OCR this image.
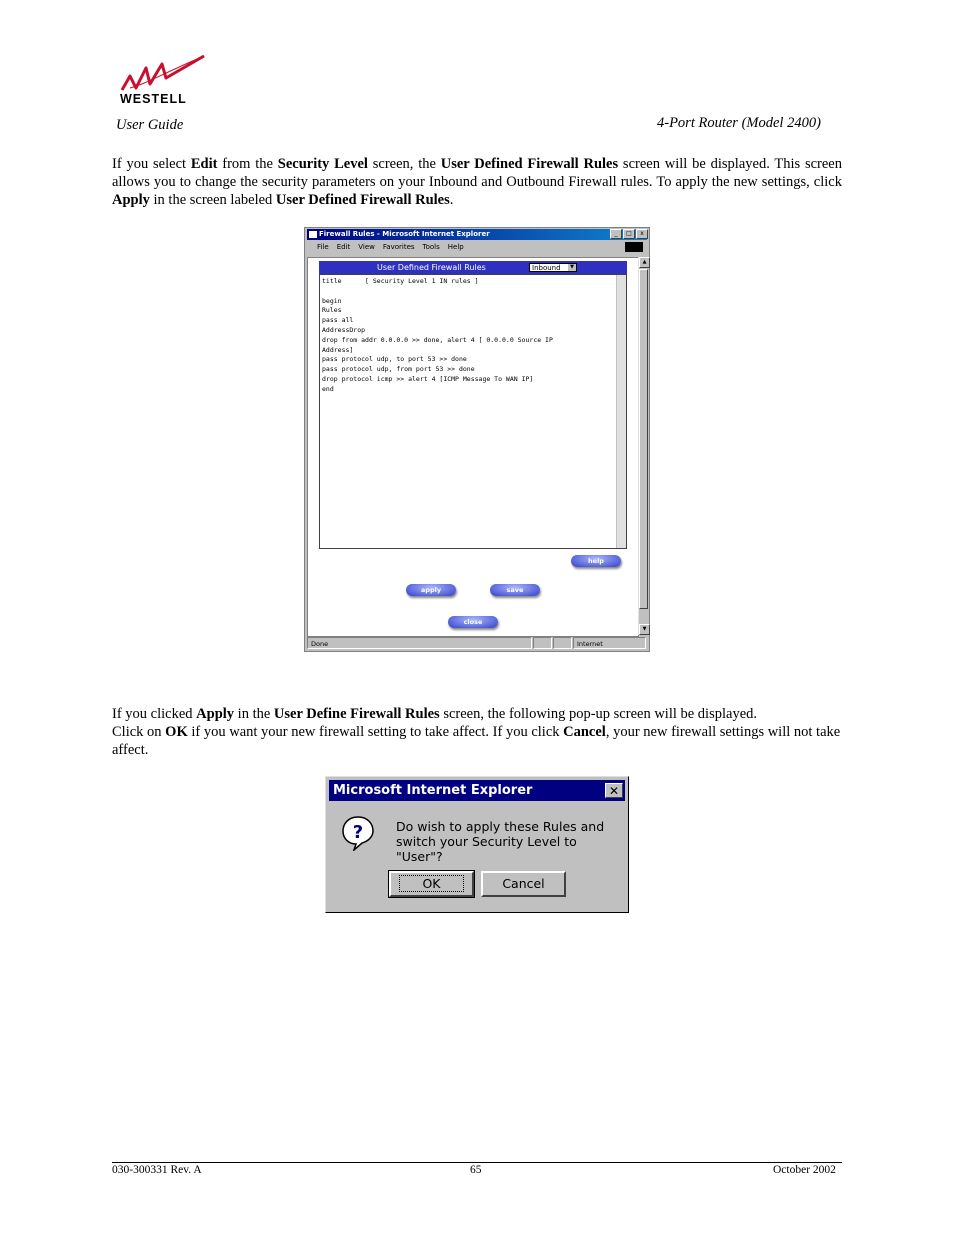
WESTELL
User Guide	4-Port Router (Model 2400)
If you select Edit from the Security Level screen, the User Defined Firewall Rules screen will be displayed. This screen allows you to change the security parameters on your Inbound and Outbound Firewall rules. To apply the new settings, click Apply in the screen labeled User Defined Firewall Rules.
Firewall Rules - Microsoft Internet Explorer	_	□	x
File Edit View Favorites Tools Help
User Defined Firewall Rules	Inbound	▼
title      [ Security Level 1 IN rules ]

begin
Rules
pass all
AddressDrop
drop from addr 0.0.0.0 >> done, alert 4 [ 0.0.0.0 Source IP
Address]
pass protocol udp, to port 53 >> done
pass protocol udp, from port 53 >> done
drop protocol icmp >> alert 4 [ICMP Message To WAN IP]
end
help
apply	save
close
▲
▼
Done	Internet
If you clicked Apply in the User Define Firewall Rules screen, the following pop-up screen will be displayed.
Click on OK if you want your new firewall setting to take affect. If you click Cancel, your new firewall settings will not take affect.
Microsoft Internet Explorer	✕
?	Do wish to apply these Rules and switch your Security Level to "User"?
OK	Cancel
030-300331 Rev. A	65	October 2002
